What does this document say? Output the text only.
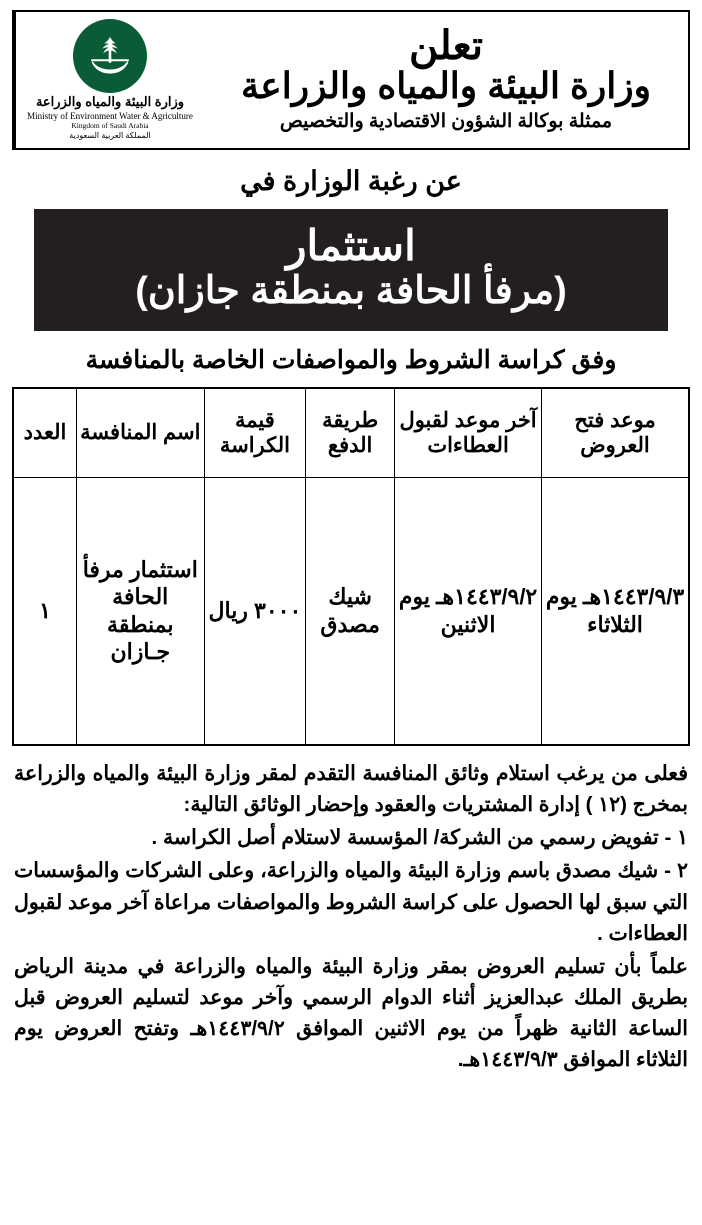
وزارة البيئة والمياه والزراعة
Ministry of Environment Water & Agriculture
Kingdom of Saudi Arabia
المملكة العربية السعودية
تعلن
وزارة البيئة والمياه والزراعة
ممثلة بوكالة الشؤون الاقتصادية والتخصيص
عن رغبة الوزارة في
استثمار
(مرفأ الحافة بمنطقة جازان)
وفق كراسة الشروط والمواصفات الخاصة بالمنافسة
موعد فتح العروض	آخر موعد لقبول العطاءات	طريقة الدفع	قيمة الكراسة	اسم المنافسة	العدد
١٤٤٣/٩/٣هـ يوم الثلاثاء	١٤٤٣/٩/٢هـ يوم الاثنين	شيك مصدق	٣٠٠٠ ريال	استثمار مرفأ الحافة بمنطقة جـازان	١

فعلى من يرغب استلام وثائق المنافسة التقدم لمقر وزارة البيئة والمياه والزراعة بمخرج (١٢ ) إدارة المشتريات والعقود وإحضار الوثائق التالية:

١ - تفويض رسمي من الشركة/ المؤسسة لاستلام أصل الكراسة .

٢ - شيك مصدق باسم وزارة البيئة والمياه والزراعة، وعلى الشركات والمؤسسات التي سبق لها الحصول على كراسة الشروط والمواصفات مراعاة آخر موعد لقبول العطاءات .

علماً بأن تسليم العروض بمقر وزارة البيئة والمياه والزراعة في مدينة الرياض بطريق الملك عبدالعزيز أثناء الدوام الرسمي وآخر موعد لتسليم العروض قبل الساعة الثانية ظهراً من يوم الاثنين الموافق ١٤٤٣/٩/٢هـ وتفتح العروض يوم الثلاثاء الموافق ١٤٤٣/٩/٣هـ.
